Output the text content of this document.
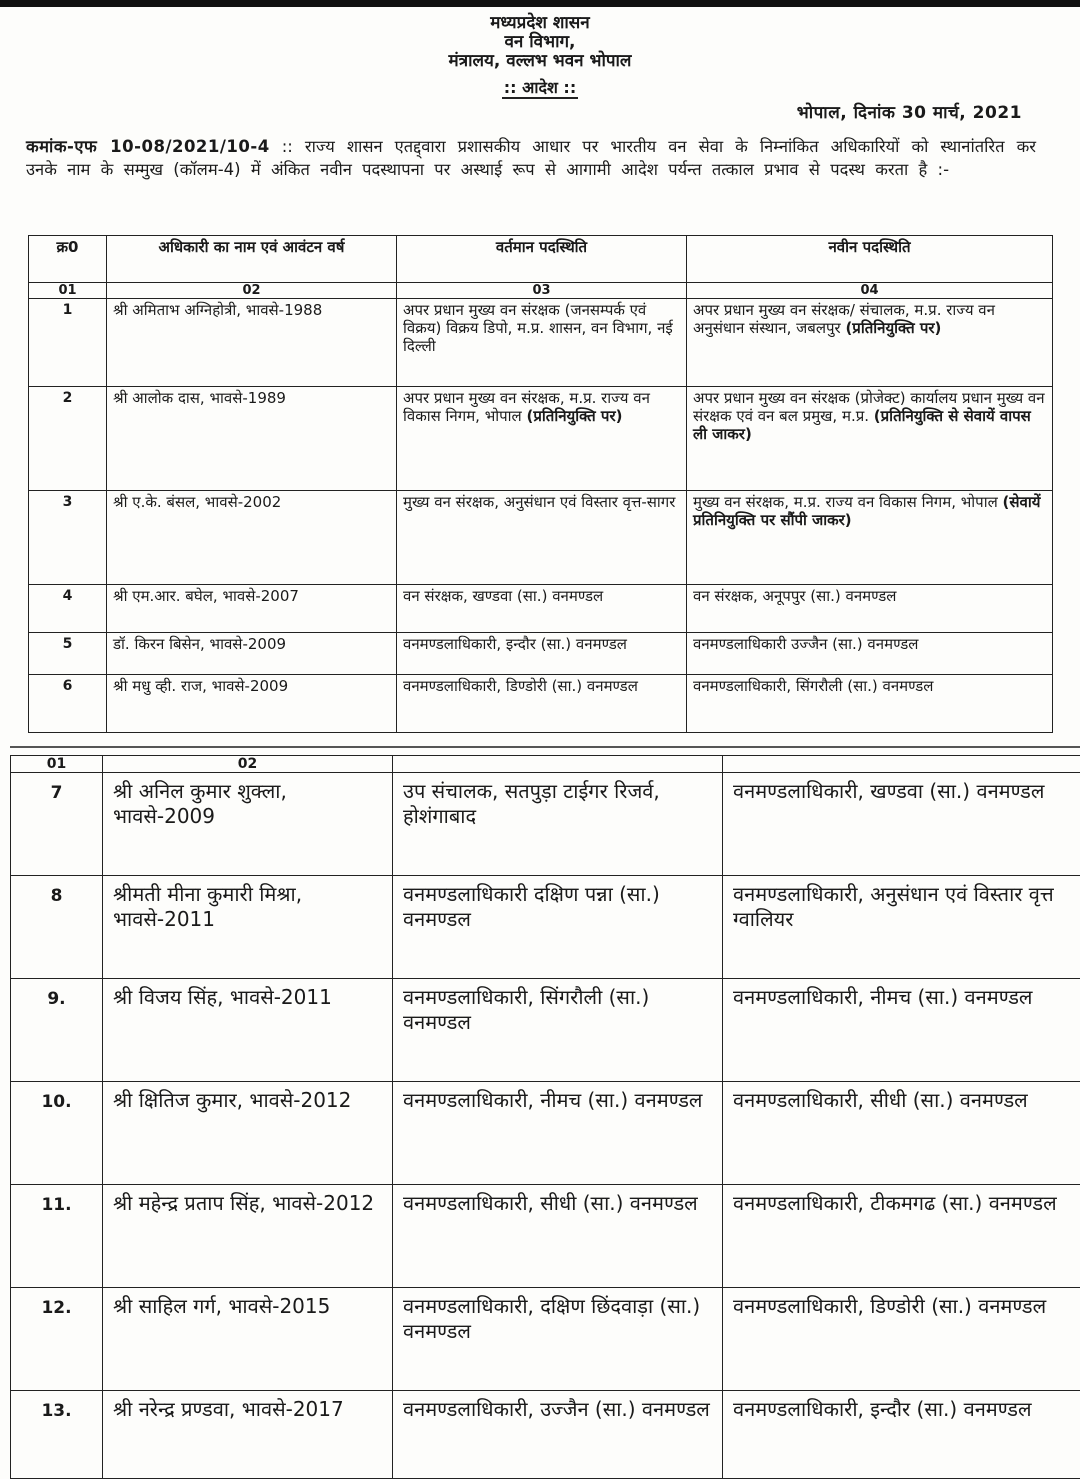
मध्यप्रदेश शासन
वन विभाग,
मंत्रालय, वल्लभ भवन भोपाल
:: आदेश ::
भोपाल, दिनांक 30 मार्च, 2021
कमांक-एफ 10-08/2021/10-4 :: राज्य शासन एतद्द्वारा प्रशासकीय आधार पर भारतीय वन सेवा के निम्नांकित अधिकारियों को स्थानांतरित कर उनके नाम के सम्मुख (कॉलम-4) में अंकित नवीन पदस्थापना पर अस्थाई रूप से आगामी आदेश पर्यन्त तत्काल प्रभाव से पदस्थ करता है :-
क्र0	अधिकारी का नाम एवं आवंटन वर्ष	वर्तमान पदस्थिति	नवीन पदस्थिति
01	02	03	04
1	श्री अमिताभ अग्निहोत्री, भावसे-1988	अपर प्रधान मुख्य वन संरक्षक (जनसम्पर्क एवं विक्रय) विक्रय डिपो, म.प्र. शासन, वन विभाग, नई दिल्ली	अपर प्रधान मुख्य वन संरक्षक/ संचालक, म.प्र. राज्य वन अनुसंधान संस्थान, जबलपुर (प्रतिनियुक्ति पर)
2	श्री आलोक दास, भावसे-1989	अपर प्रधान मुख्य वन संरक्षक, म.प्र. राज्य वन विकास निगम, भोपाल (प्रतिनियुक्ति पर)	अपर प्रधान मुख्य वन संरक्षक (प्रोजेक्ट) कार्यालय प्रधान मुख्य वन संरक्षक एवं वन बल प्रमुख, म.प्र. (प्रतिनियुक्ति से सेवायें वापस ली जाकर)
3	श्री ए.के. बंसल, भावसे-2002	मुख्य वन संरक्षक, अनुसंधान एवं विस्तार वृत्त-सागर	मुख्य वन संरक्षक, म.प्र. राज्य वन विकास निगम, भोपाल (सेवायें प्रतिनियुक्ति पर सौंपी जाकर)
4	श्री एम.आर. बघेल, भावसे-2007	वन संरक्षक, खण्डवा (सा.) वनमण्डल	वन संरक्षक, अनूपपुर (सा.) वनमण्डल
5	डॉ. किरन बिसेन, भावसे-2009	वनमण्डलाधिकारी, इन्दौर (सा.) वनमण्डल	वनमण्डलाधिकारी उज्जैन (सा.) वनमण्डल
6	श्री मधु व्ही. राज, भावसे-2009	वनमण्डलाधिकारी, डिण्डोरी (सा.) वनमण्डल	वनमण्डलाधिकारी, सिंगरौली (सा.) वनमण्डल
01	02		
7	श्री अनिल कुमार शुक्ला, भावसे-2009	उप संचालक, सतपुड़ा टाईगर रिजर्व, होशंगाबाद	वनमण्डलाधिकारी, खण्डवा (सा.) वनमण्डल
8	श्रीमती मीना कुमारी मिश्रा, भावसे-2011	वनमण्डलाधिकारी दक्षिण पन्ना (सा.) वनमण्डल	वनमण्डलाधिकारी, अनुसंधान एवं विस्तार वृत्त ग्वालियर
9.	श्री विजय सिंह, भावसे-2011	वनमण्डलाधिकारी, सिंगरौली (सा.) वनमण्डल	वनमण्डलाधिकारी, नीमच (सा.) वनमण्डल
10.	श्री क्षितिज कुमार, भावसे-2012	वनमण्डलाधिकारी, नीमच (सा.) वनमण्डल	वनमण्डलाधिकारी, सीधी (सा.) वनमण्डल
11.	श्री महेन्द्र प्रताप सिंह, भावसे-2012	वनमण्डलाधिकारी, सीधी (सा.) वनमण्डल	वनमण्डलाधिकारी, टीकमगढ (सा.) वनमण्डल
12.	श्री साहिल गर्ग, भावसे-2015	वनमण्डलाधिकारी, दक्षिण छिंदवाड़ा (सा.) वनमण्डल	वनमण्डलाधिकारी, डिण्डोरी (सा.) वनमण्डल
13.	श्री नरेन्द्र प्रण्डवा, भावसे-2017	वनमण्डलाधिकारी, उज्जैन (सा.) वनमण्डल	वनमण्डलाधिकारी, इन्दौर (सा.) वनमण्डल
